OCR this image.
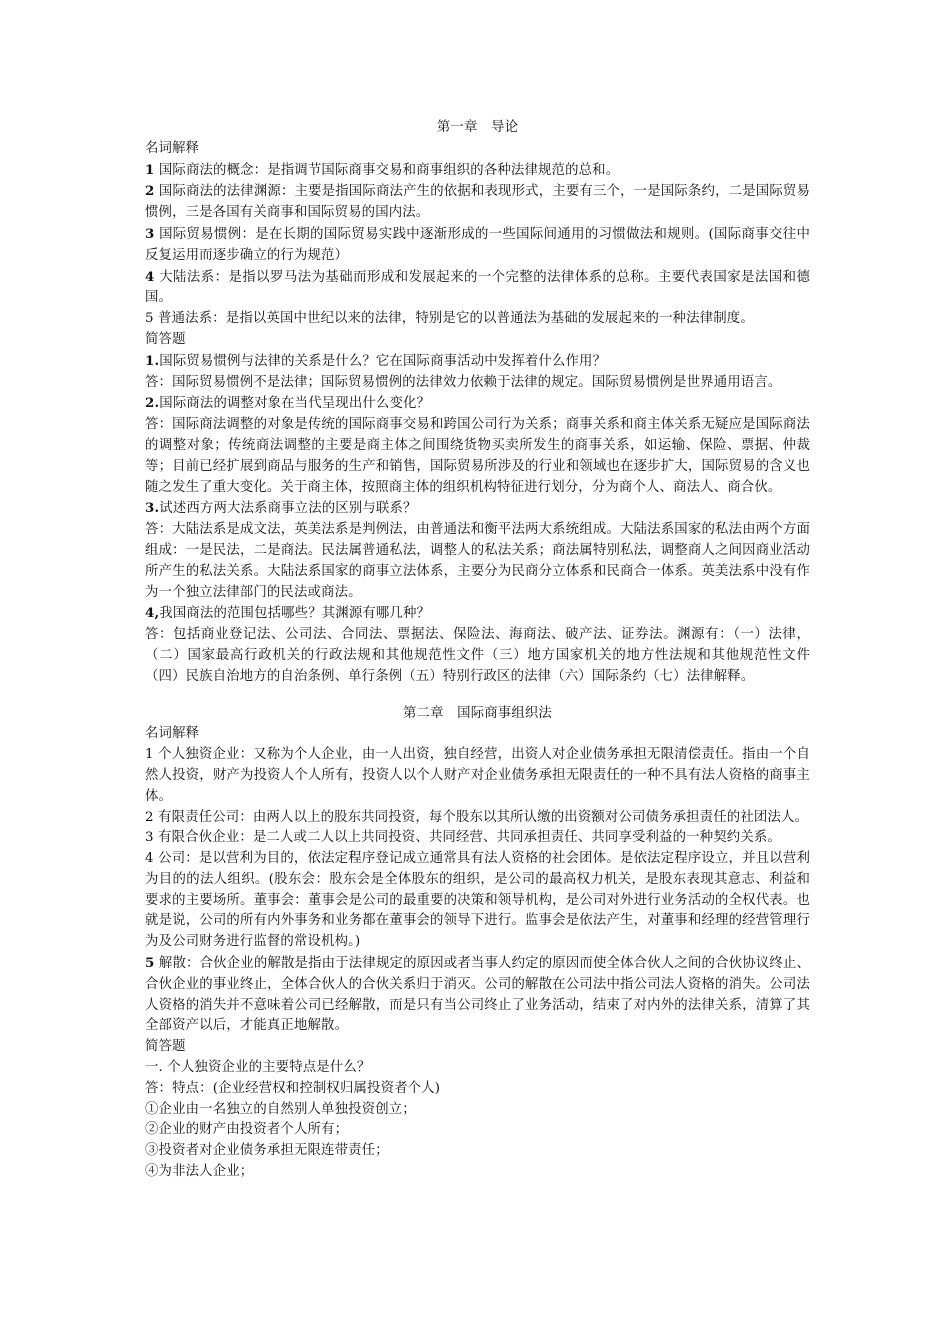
第一章　导论

名词解释

1 国际商法的概念：是指调节国际商事交易和商事组织的各种法律规范的总和。

2 国际商法的法律渊源：主要是指国际商法产生的依据和表现形式，主要有三个，一是国际条约，二是国际贸易惯例，三是各国有关商事和国际贸易的国内法。

3 国际贸易惯例：是在长期的国际贸易实践中逐渐形成的一些国际间通用的习惯做法和规则。(国际商事交往中反复运用而逐步确立的行为规范）

4 大陆法系：是指以罗马法为基础而形成和发展起来的一个完整的法律体系的总称。主要代表国家是法国和德国。

5 普通法系：是指以英国中世纪以来的法律，特别是它的以普通法为基础的发展起来的一种法律制度。

简答题

1.国际贸易惯例与法律的关系是什么？它在国际商事活动中发挥着什么作用？

答：国际贸易惯例不是法律；国际贸易惯例的法律效力依赖于法律的规定。国际贸易惯例是世界通用语言。

2.国际商法的调整对象在当代呈现出什么变化？

答：国际商法调整的对象是传统的国际商事交易和跨国公司行为关系；商事关系和商主体关系无疑应是国际商法的调整对象；传统商法调整的主要是商主体之间围绕货物买卖所发生的商事关系，如运输、保险、票据、仲裁等；目前已经扩展到商品与服务的生产和销售，国际贸易所涉及的行业和领域也在逐步扩大，国际贸易的含义也随之发生了重大变化。关于商主体，按照商主体的组织机构特征进行划分，分为商个人、商法人、商合伙。

3.试述西方两大法系商事立法的区别与联系？

答：大陆法系是成文法，英美法系是判例法，由普通法和衡平法两大系统组成。大陆法系国家的私法由两个方面组成：一是民法，二是商法。民法属普通私法，调整人的私法关系；商法属特别私法，调整商人之间因商业活动所产生的私法关系。大陆法系国家的商事立法体系，主要分为民商分立体系和民商合一体系。英美法系中没有作为一个独立法律部门的民法或商法。

4,我国商法的范围包括哪些？其渊源有哪几种？

答：包括商业登记法、公司法、合同法、票据法、保险法、海商法、破产法、证券法。渊源有：（一）法律，（二）国家最高行政机关的行政法规和其他规范性文件（三）地方国家机关的地方性法规和其他规范性文件（四）民族自治地方的自治条例、单行条例（五）特别行政区的法律（六）国际条约（七）法律解释。

第二章　国际商事组织法

名词解释

1 个人独资企业：又称为个人企业，由一人出资，独自经营，出资人对企业债务承担无限清偿责任。指由一个自然人投资，财产为投资人个人所有，投资人以个人财产对企业债务承担无限责任的一种不具有法人资格的商事主体。

2 有限责任公司：由两人以上的股东共同投资，每个股东以其所认缴的出资额对公司债务承担责任的社团法人。

3 有限合伙企业：是二人或二人以上共同投资、共同经营、共同承担责任、共同享受利益的一种契约关系。

4 公司：是以营利为目的，依法定程序登记成立通常具有法人资格的社会团体。是依法定程序设立，并且以营利为目的的法人组织。(股东会：股东会是全体股东的组织，是公司的最高权力机关，是股东表现其意志、利益和要求的主要场所。董事会：董事会是公司的最重要的决策和领导机构，是公司对外进行业务活动的全权代表。也就是说，公司的所有内外事务和业务都在董事会的领导下进行。监事会是依法产生，对董事和经理的经营管理行为及公司财务进行监督的常设机构。)

5 解散：合伙企业的解散是指由于法律规定的原因或者当事人约定的原因而使全体合伙人之间的合伙协议终止、合伙企业的事业终止，全体合伙人的合伙关系归于消灭。公司的解散在公司法中指公司法人资格的消失。公司法人资格的消失并不意味着公司已经解散，而是只有当公司终止了业务活动，结束了对内外的法律关系，清算了其全部资产以后，才能真正地解散。

简答题

一. 个人独资企业的主要特点是什么？

答：特点：(企业经营权和控制权归属投资者个人)

①企业由一名独立的自然别人单独投资创立；

②企业的财产由投资者个人所有；

③投资者对企业债务承担无限连带责任；

④为非法人企业；
